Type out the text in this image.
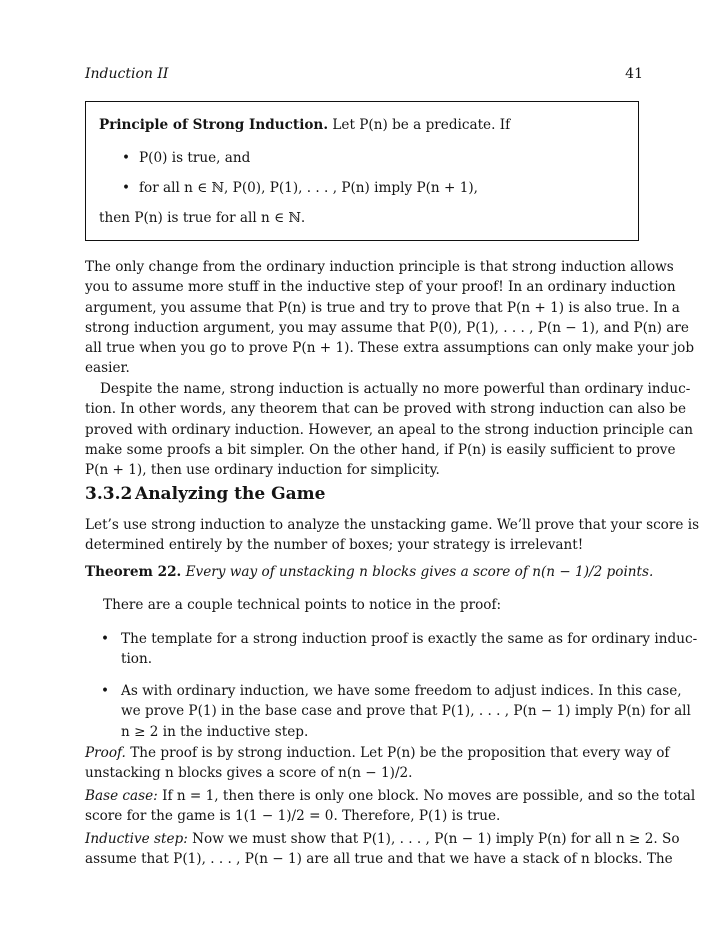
Induction II	41
Principle of Strong Induction. Let P(n) be a predicate. If
• P(0) is true, and
• for all n ∈ ℕ, P(0), P(1), . . . , P(n) imply P(n + 1),
then P(n) is true for all n ∈ ℕ.
The only change from the ordinary induction principle is that strong induction allows
you to assume more stuff in the inductive step of your proof! In an ordinary induction
argument, you assume that P(n) is true and try to prove that P(n + 1) is also true. In a
strong induction argument, you may assume that P(0), P(1), . . . , P(n − 1), and P(n) are
all true when you go to prove P(n + 1). These extra assumptions can only make your job
easier.
Despite the name, strong induction is actually no more powerful than ordinary induc-
tion. In other words, any theorem that can be proved with strong induction can also be
proved with ordinary induction. However, an apeal to the strong induction principle can
make some proofs a bit simpler. On the other hand, if P(n) is easily sufficient to prove
P(n + 1), then use ordinary induction for simplicity.
3.3.2 Analyzing the Game
Let’s use strong induction to analyze the unstacking game. We’ll prove that your score is
determined entirely by the number of boxes; your strategy is irrelevant!
Theorem 22. Every way of unstacking n blocks gives a score of n(n − 1)/2 points.
There are a couple technical points to notice in the proof:
• The template for a strong induction proof is exactly the same as for ordinary induc-
tion.
• As with ordinary induction, we have some freedom to adjust indices. In this case,
we prove P(1) in the base case and prove that P(1), . . . , P(n − 1) imply P(n) for all
n ≥ 2 in the inductive step.
Proof. The proof is by strong induction. Let P(n) be the proposition that every way of
unstacking n blocks gives a score of n(n − 1)/2.
Base case: If n = 1, then there is only one block. No moves are possible, and so the total
score for the game is 1(1 − 1)/2 = 0. Therefore, P(1) is true.
Inductive step: Now we must show that P(1), . . . , P(n − 1) imply P(n) for all n ≥ 2. So
assume that P(1), . . . , P(n − 1) are all true and that we have a stack of n blocks. The
